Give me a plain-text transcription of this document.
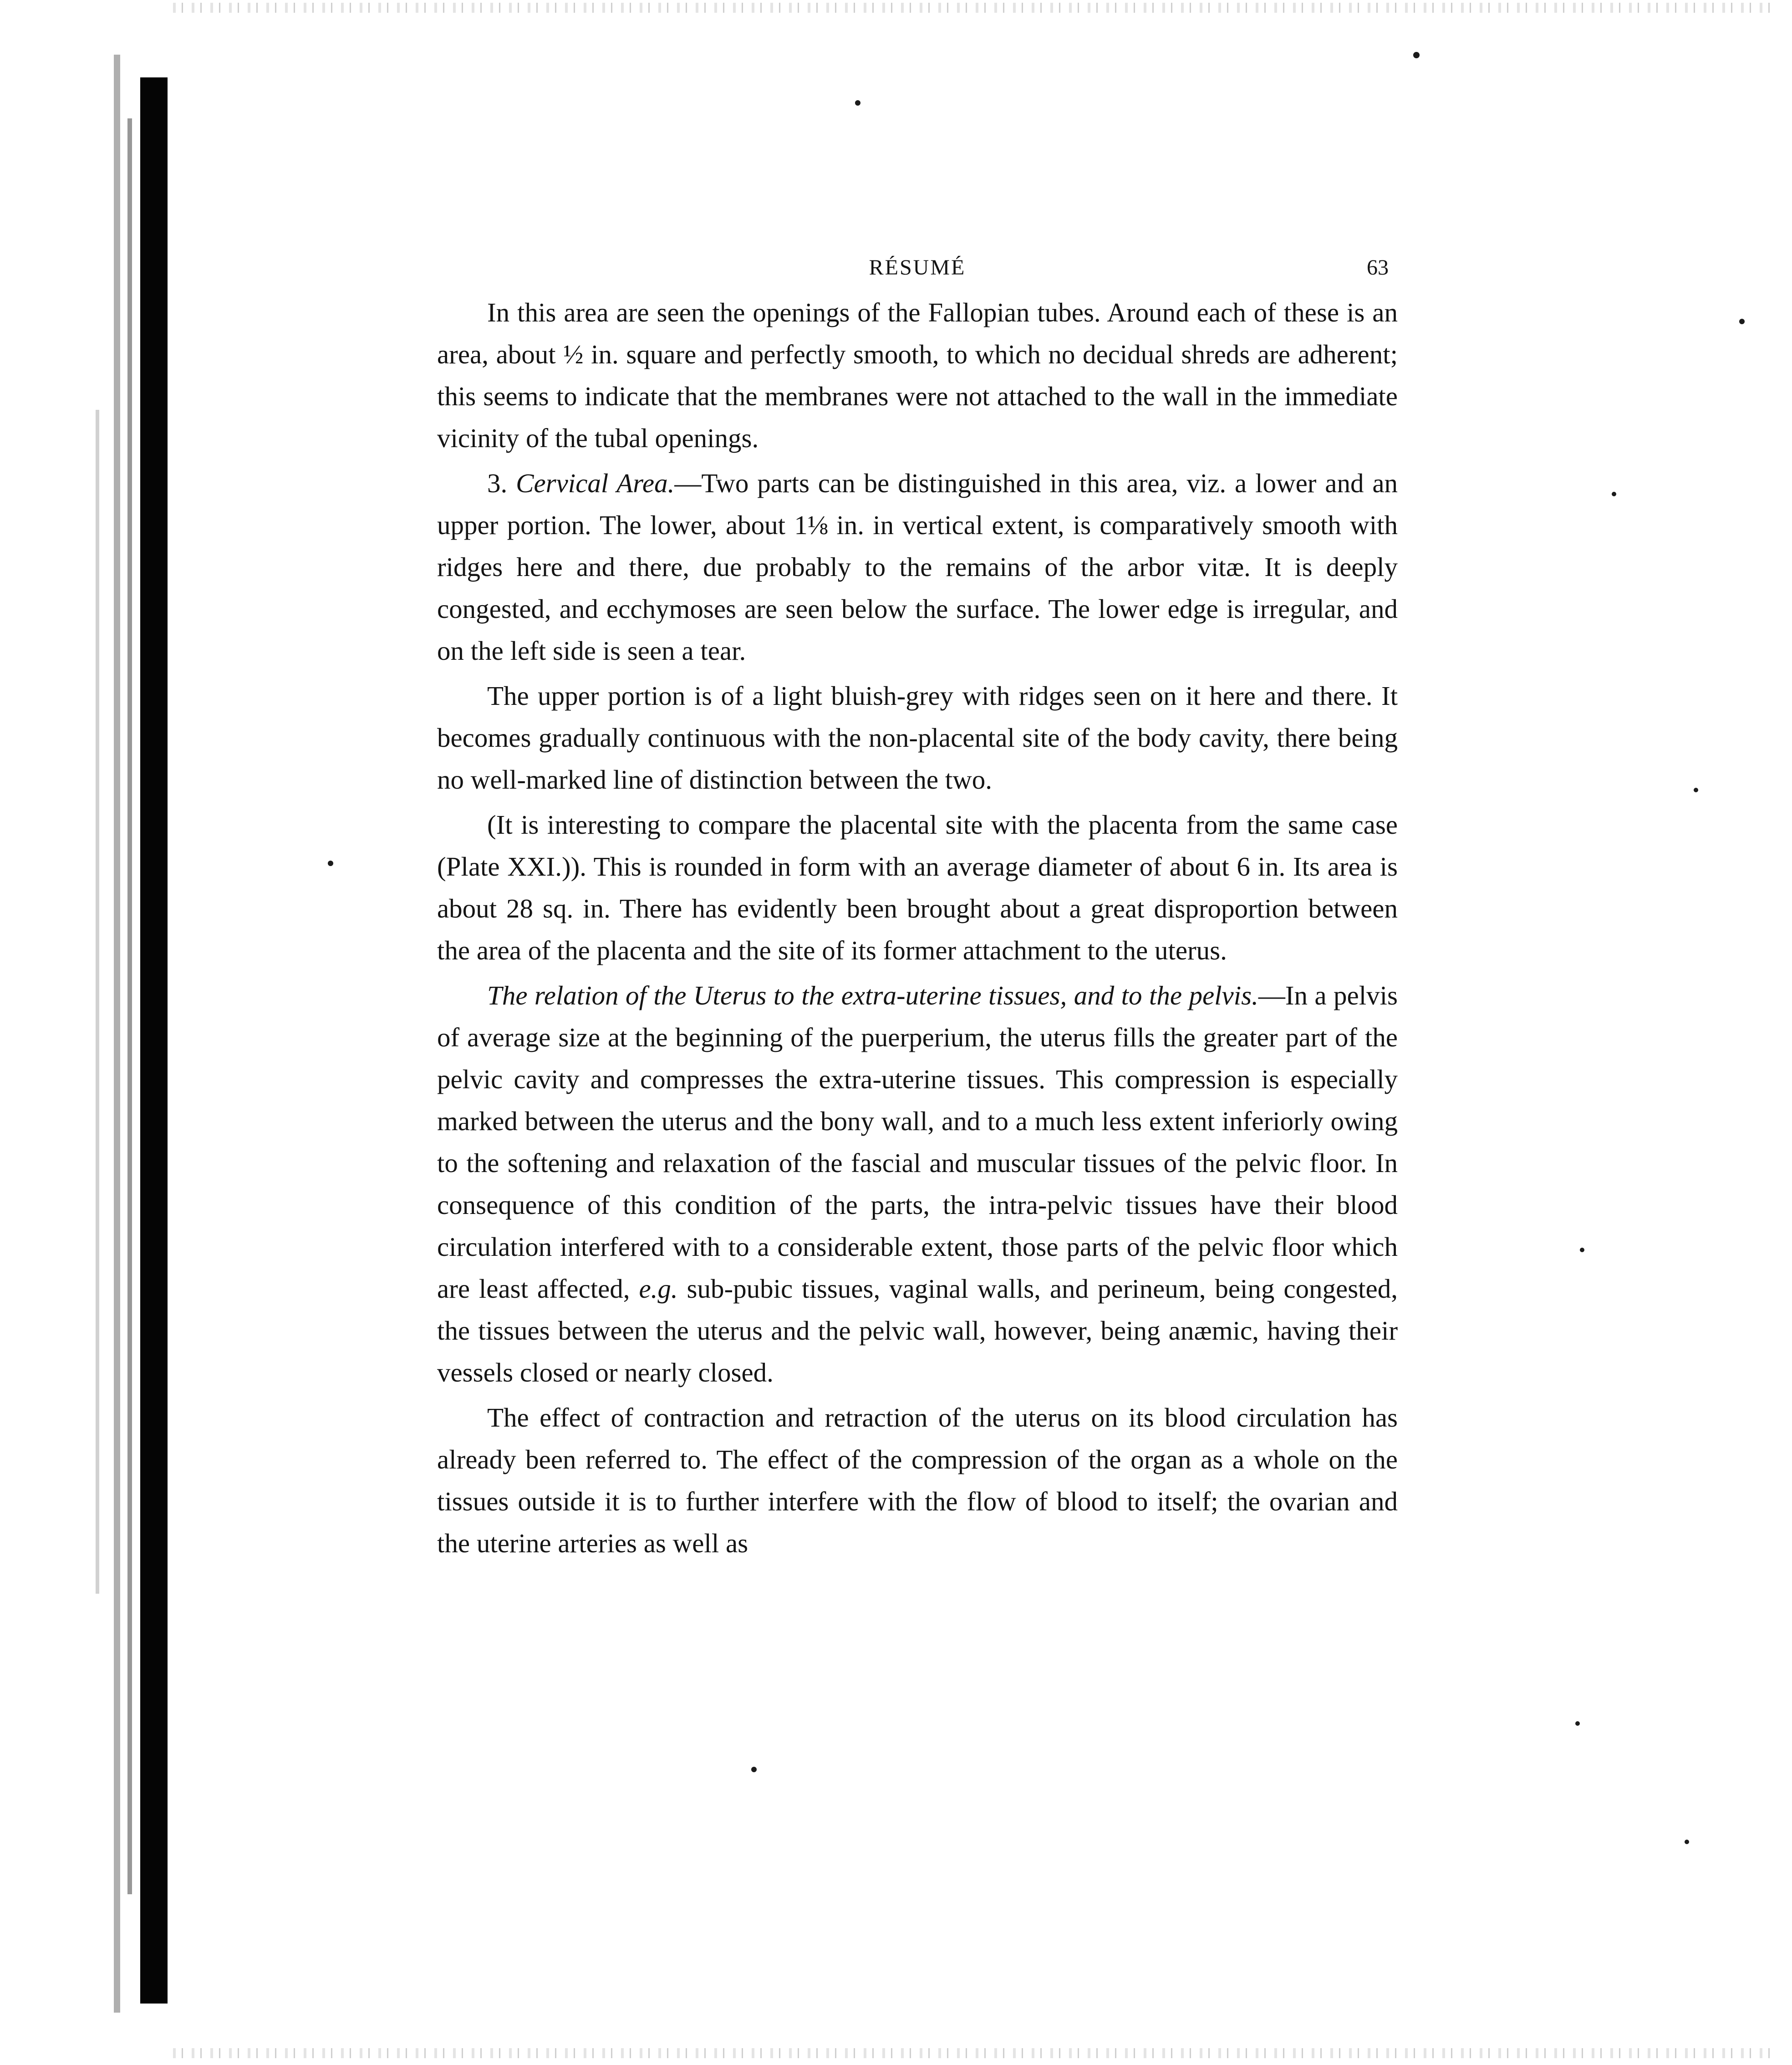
RÉSUMÉ	63

In this area are seen the openings of the Fallopian tubes. Around each of these is an area, about ½ in. square and perfectly smooth, to which no decidual shreds are adherent; this seems to indicate that the membranes were not attached to the wall in the immediate vicinity of the tubal openings.

3. Cervical Area.—Two parts can be distinguished in this area, viz. a lower and an upper portion. The lower, about 1⅛ in. in vertical extent, is comparatively smooth with ridges here and there, due probably to the remains of the arbor vitæ. It is deeply congested, and ecchymoses are seen below the surface. The lower edge is irregular, and on the left side is seen a tear.

The upper portion is of a light bluish-grey with ridges seen on it here and there. It becomes gradually continuous with the non-placental site of the body cavity, there being no well-marked line of distinction between the two.

(It is interesting to compare the placental site with the placenta from the same case (Plate XXI.)). This is rounded in form with an average diameter of about 6 in. Its area is about 28 sq. in. There has evidently been brought about a great disproportion between the area of the placenta and the site of its former attachment to the uterus.

The relation of the Uterus to the extra-uterine tissues, and to the pelvis.—In a pelvis of average size at the beginning of the puerperium, the uterus fills the greater part of the pelvic cavity and compresses the extra-uterine tissues. This compression is especially marked between the uterus and the bony wall, and to a much less extent inferiorly owing to the softening and relaxation of the fascial and muscular tissues of the pelvic floor. In consequence of this condition of the parts, the intra-pelvic tissues have their blood circulation interfered with to a considerable extent, those parts of the pelvic floor which are least affected, e.g. sub-pubic tissues, vaginal walls, and perineum, being congested, the tissues between the uterus and the pelvic wall, however, being anæmic, having their vessels closed or nearly closed.

The effect of contraction and retraction of the uterus on its blood circulation has already been referred to. The effect of the compression of the organ as a whole on the tissues outside it is to further interfere with the flow of blood to itself; the ovarian and the uterine arteries as well as
